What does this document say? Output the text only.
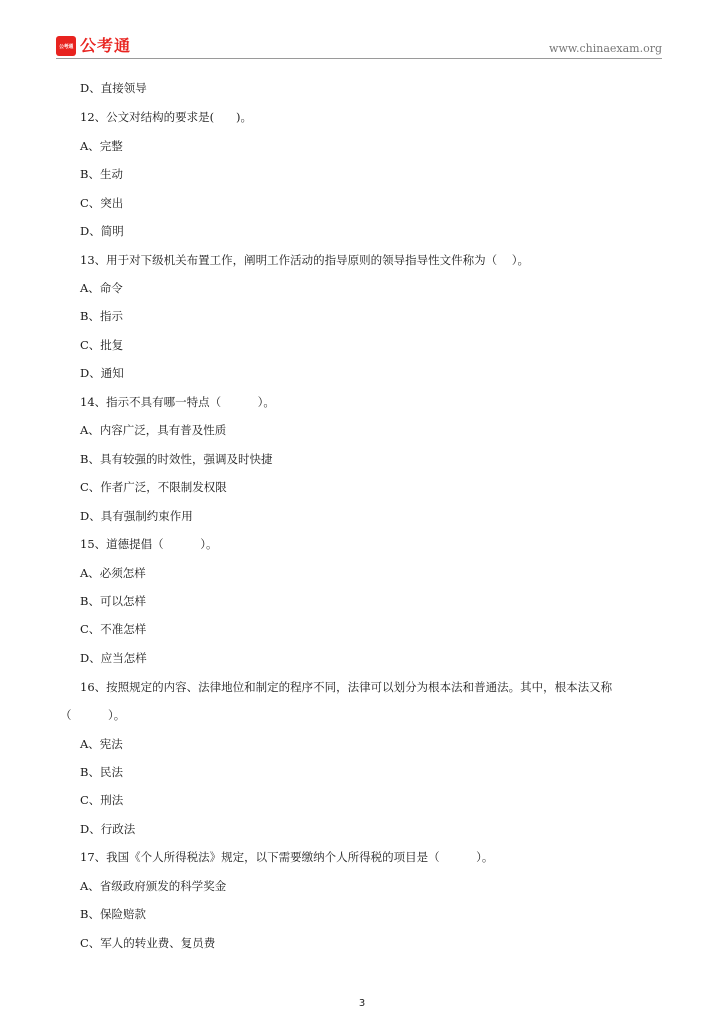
公考通 公考通	www.chinaexam.org
D、直接领导
12、公文对结构的要求是(      )。
A、完整
B、生动
C、突出
D、简明
13、用于对下级机关布置工作，阐明工作活动的指导原则的领导指导性文件称为（    ）。
A、命令
B、指示
C、批复
D、通知
14、指示不具有哪一特点（          ）。
A、内容广泛，具有普及性质
B、具有较强的时效性，强调及时快捷
C、作者广泛，不限制发权限
D、具有强制约束作用
15、道德提倡（          ）。
A、必须怎样
B、可以怎样
C、不准怎样
D、应当怎样
16、按照规定的内容、法律地位和制定的程序不同，法律可以划分为根本法和普通法。其中，根本法又称
（          ）。
A、宪法
B、民法
C、刑法
D、行政法
17、我国《个人所得税法》规定，以下需要缴纳个人所得税的项目是（          ）。
A、省级政府颁发的科学奖金
B、保险赔款
C、军人的转业费、复员费
3
